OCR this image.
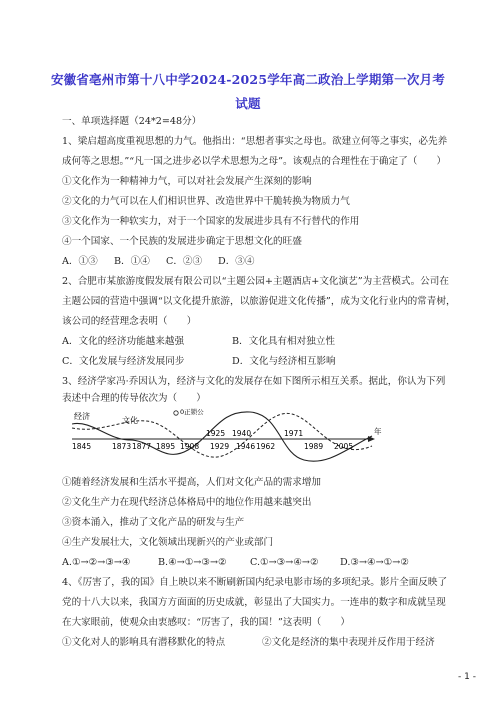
安徽省亳州市第十八中学2024-2025学年高二政治上学期第一次月考
试题
一、单项选择题（24*2=48分）
1、梁启超高度重视思想的力气。他指出：“思想者事实之母也。欲建立何等之事实，必先养
成何等之思想。”“凡一国之进步必以学术思想为之母”。该观点的合理性在于确定了（　　）
①文化作为一种精神力气，可以对社会发展产生深刻的影响
②文化的力气可以在人们相识世界、改造世界中干脆转换为物质力气
③文化作为一种软实力，对于一个国家的发展进步具有不行替代的作用
④一个国家、一个民族的发展进步确定于思想文化的旺盛
A．①③ B．①④ C．②③ D．③④
2、合肥市某旅游度假发展有限公司以“主题公园+主题酒店+文化演艺”为主营模式。公司在
主题公园的营造中强调“以文化提升旅游，以旅游促进文化传播”，成为文化行业内的常青树，
该公司的经营理念表明（　　）
A．文化的经济功能越来越强	B．文化具有相对独立性
C．文化发展与经济发展同步	D．文化与经济相互影响
3、经济学家冯·乔因认为，经济与文化的发展存在如下图所示相互关系。据此，你认为下列
表述中合理的传导依次为（　　）
经济	文化
0正锁公
年
1845	1873 1877 1895 1908
1925
1929
1940
1946 1962
1971
1989 2005
①随着经济发展和生活水平提高，人们对文化产品的需求增加
②文化生产力在现代经济总体格局中的地位作用越来越突出
③资本涌入，推动了文化产品的研发与生产
④生产发展壮大，文化领域出现新兴的产业或部门
A.①→②→③→④	B.④→①→③→② C.①→③→④→② D.③→④→①→②
4、《厉害了，我的国》自上映以来不断刷新国内纪录电影市场的多项纪录。影片全面反映了
党的十八大以来，我国方方面面的历史成就，彰显出了大国实力。一连串的数字和成就呈现
在大家眼前，使观众由衷感叹：“厉害了，我的国！”这表明（　　）
①文化对人的影响具有潜移默化的特点	②文化是经济的集中表现并反作用于经济
- 1 -
